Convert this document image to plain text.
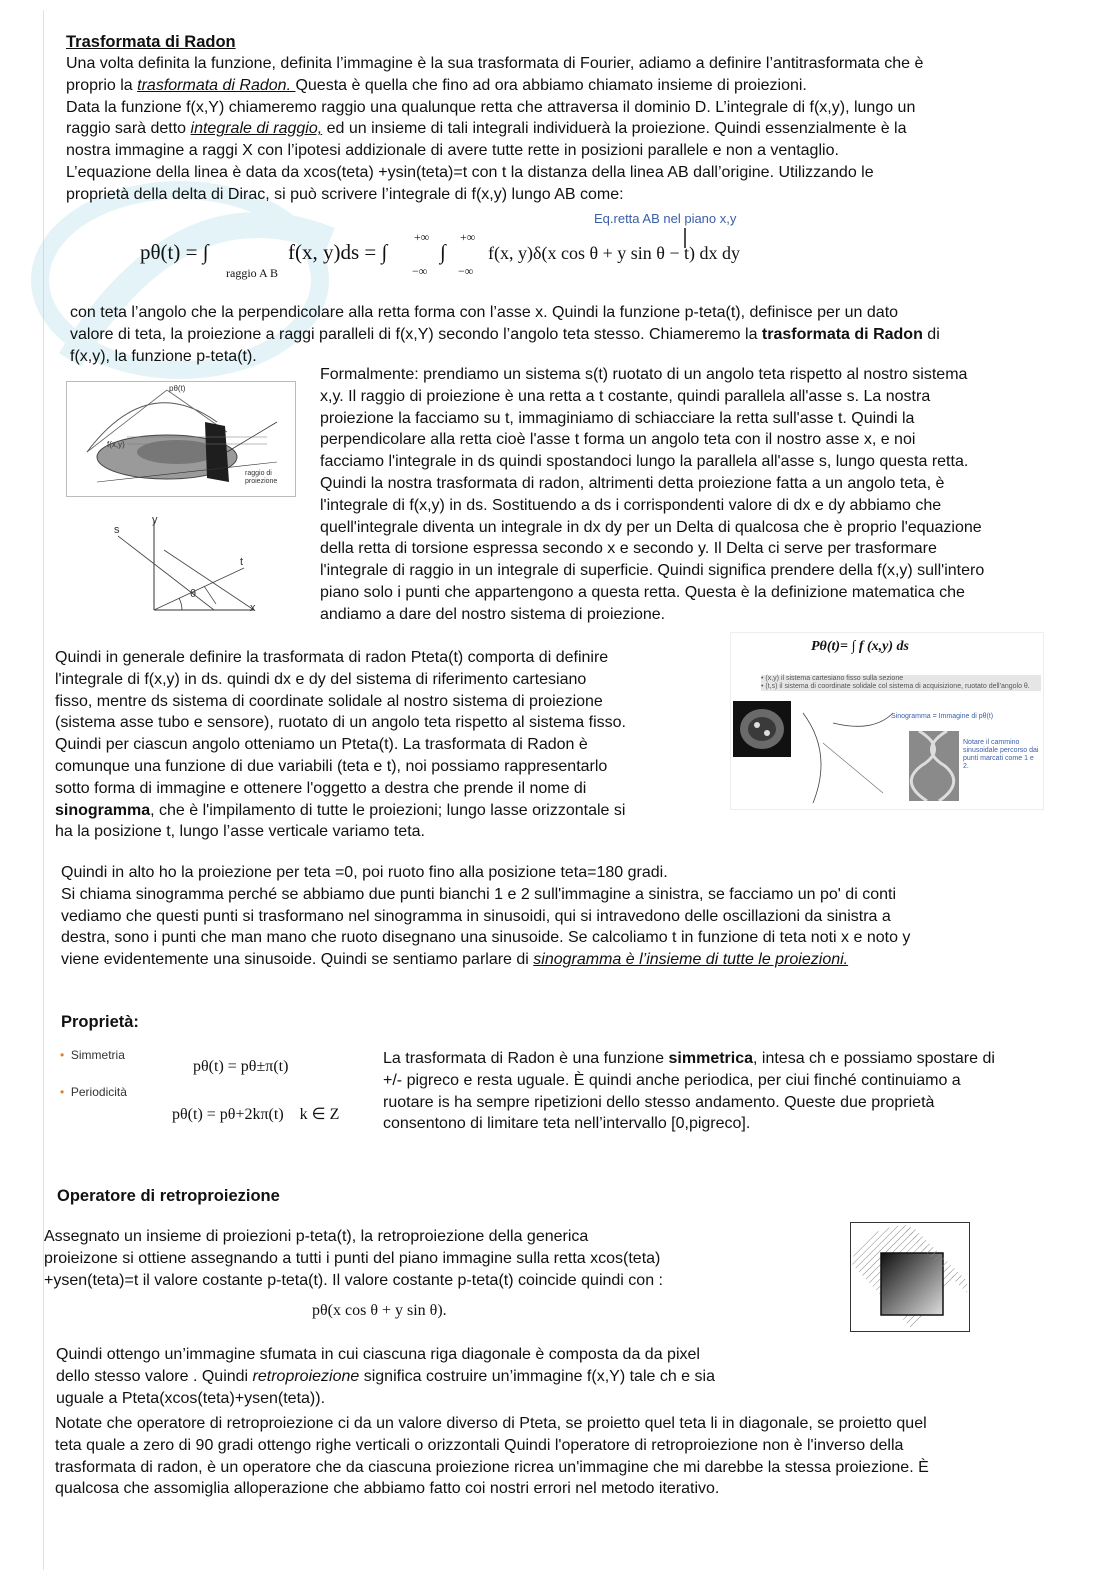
Trasformata di Radon
Una volta definita la funzione, definita l’immagine è la sua trasformata di Fourier, adiamo a definire l’antitrasformata che è
proprio la trasformata di Radon. Questa è quella che fino ad ora abbiamo chiamato insieme di proiezioni.
Data la funzione f(x,Y) chiameremo raggio una qualunque retta che attraversa il dominio D. L’integrale di f(x,y), lungo un
raggio sarà detto integrale di raggio, ed un insieme di tali integrali individuerà la proiezione. Quindi essenzialmente è la
nostra immagine a raggi X con l’ipotesi addizionale di avere tutte rette in posizioni parallele e non a ventaglio.
L’equazione della linea è data da xcos(teta) +ysin(teta)=t con t la distanza della linea AB dall’origine. Utilizzando le
proprietà della delta di Dirac, si può scrivere l’integrale di f(x,y) lungo AB come:
Eq.retta AB nel piano x,y
pθ(t) = ∫
raggio A B
f(x, y)ds = ∫
+∞
−∞
∫
+∞
−∞
f(x, y)δ(x cos θ + y sin θ − t) dx dy
con teta l’angolo che la perpendicolare alla retta forma con l’asse x. Quindi la funzione p-teta(t), definisce per un dato
valore di teta, la proiezione a raggi paralleli di f(x,Y) secondo l’angolo teta stesso. Chiameremo la trasformata di Radon di
f(x,y), la funzione p-teta(t).
f(x,y)
pθ(t)
raggio di proiezione
s
y
t
x
θ
Formalmente: prendiamo un sistema s(t) ruotato di un angolo teta rispetto al nostro sistema
x,y. Il raggio di proiezione è una retta a t costante, quindi parallela all'asse s. La nostra
proiezione la facciamo su t, immaginiamo di schiacciare la retta sull'asse t. Quindi la
perpendicolare alla retta cioè l'asse t forma un angolo teta con il nostro asse x, e noi
facciamo l'integrale in ds quindi spostandoci lungo la parallela all'asse s, lungo questa retta.
Quindi la nostra trasformata di radon, altrimenti detta proiezione fatta a un angolo teta, è
l'integrale di f(x,y) in ds. Sostituendo a ds i corrispondenti valore di dx e dy abbiamo che
quell'integrale diventa un integrale in dx dy per un Delta di qualcosa che è proprio l'equazione
della retta di torsione espressa secondo x e secondo y. Il Delta ci serve per trasformare
l'integrale di raggio in un integrale di superficie. Quindi significa prendere della f(x,y) sull'intero
piano solo i punti che appartengono a questa retta. Questa è la definizione matematica che
andiamo a dare del nostro sistema di proiezione.
Quindi in generale definire la trasformata di radon Pteta(t) comporta di definire
l'integrale di f(x,y) in ds. quindi dx e dy del sistema di riferimento cartesiano
fisso, mentre ds sistema di coordinate solidale al nostro sistema di proiezione
(sistema asse tubo e sensore), ruotato di un angolo teta rispetto al sistema fisso.
Quindi per ciascun angolo otteniamo un Pteta(t). La trasformata di Radon è
comunque una funzione di due variabili (teta e t), noi possiamo rappresentarlo
sotto forma di immagine e ottenere l'oggetto a destra che prende il nome di
sinogramma, che è l'impilamento di tutte le proiezioni; lungo lasse orizzontale si
ha la posizione t, lungo l’asse verticale variamo teta.
Pθ(t)= ∫ f (x,y) ds
• (x,y) il sistema cartesiano fisso sulla sezione
• (t,s) il sistema di coordinate solidale col sistema di acquisizione, ruotato dell'angolo θ.
Sinogramma = Immagine di pθ(t)
Notare il cammino sinusoidale percorso dai punti marcati come 1 e 2.
Quindi in alto ho la proiezione per teta =0, poi ruoto fino alla posizione teta=180 gradi.
Si chiama sinogramma perché se abbiamo due punti bianchi 1 e 2 sull'immagine a sinistra, se facciamo un po' di conti
vediamo che questi punti si trasformano nel sinogramma in sinusoidi, qui si intravedono delle oscillazioni da sinistra a
destra, sono i punti che man mano che ruoto disegnano una sinusoide. Se calcoliamo t in funzione di teta noti x e noto y
viene evidentemente una sinusoide. Quindi se sentiamo parlare di sinogramma è l’insieme di tutte le proiezioni.
Proprietà:
• Simmetria
• Periodicità
pθ(t) = pθ±π(t)
pθ(t) = pθ+2kπ(t)    k ∈ Z
La trasformata di Radon è una funzione simmetrica, intesa ch e possiamo spostare di
+/- pigreco e resta uguale. È quindi anche periodica, per ciui finché continuiamo a
ruotare is ha sempre ripetizioni dello stesso andamento. Queste due proprietà
consentono di limitare teta nell’intervallo [0,pigreco].
Operatore di retroproiezione
Assegnato un insieme di proiezioni p-teta(t), la retroproiezione della generica
proieizone si ottiene assegnando a tutti i punti del piano immagine sulla retta xcos(teta)
+ysen(teta)=t il valore costante p-teta(t). Il valore costante p-teta(t) coincide quindi con :
pθ(x cos θ + y sin θ).
Quindi ottengo un’immagine sfumata in cui ciascuna riga diagonale è composta da da pixel
dello stesso valore . Quindi retroproiezione significa costruire un’immagine f(x,Y) tale ch e sia
uguale a Pteta(xcos(teta)+ysen(teta)).
Notate che operatore di retroproiezione ci da un valore diverso di Pteta, se proietto quel teta li in diagonale, se proietto quel
teta quale a zero di 90 gradi ottengo righe verticali o orizzontali Quindi l'operatore di retroproiezione non è l'inverso della
trasformata di radon, è un operatore che da ciascuna proiezione ricrea un'immagine che mi darebbe la stessa proiezione. È
qualcosa che assomiglia alloperazione che abbiamo fatto coi nostri errori nel metodo iterativo.
